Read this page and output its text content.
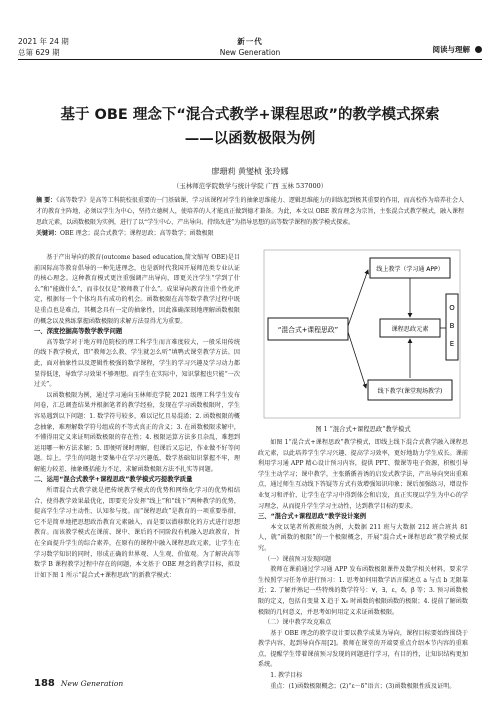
2021 年 24 期
总第 629 期
新一代
New Generation	阅读与理解
基于 OBE 理念下“混合式教学+课程思政”的教学模式探索
——以函数极限为例
廖珊莉 黄燮桢 张玲娜
（玉林师范学院数学与统计学院 广西 玉林 537000）
摘 要：《高等数学》是高等工科院校很重要的一门基础课，学习该课程对学生的抽象思维能力、逻辑思维能力的训练起到极其重要的作用，而高校作为培养社会人才的教育主阵地，必须以学生为中心，坚持立德树人，使培养的人才能真正做到德才兼备。为此，本文以 OBE 教育理念为宗旨，主张混合式教学模式，融入课程思政元素，以函数极限为实例，进行了以“学生中心、产出导向、持续改进”为指导思想的高等数学课程的教学模式探索。
关键词：OBE 理念；混合式教学；课程思政；高等数学；函数极限

基于产出导向的教育(outcome based education,简文缩写 OBE)是目前国际高等教育倡导的一种先进理念，也是新时代我国开展师范类专业认证的核心理念。这种教育模式更注重强调产出导向，即更关注学生“学到了什么”和“能做什么”，而非仅仅是“教师教了什么”。成果导向教育注重个性化评定，根据每一个个体均具有成功的机会。函数极限在高等数学教学过程中既是重点也是难点，其概念具有一定的抽象性，因此准确深刻地理解函数极限的概念以及熟练掌握函数极限的求解方法显得尤为重要。

一、深度挖掘高等数学教学问题

高等数学对于地方师范院校的理工科学生而言难度较大，一般采用传统的线下教学模式，即“教师怎么教、学生就怎么听”填鸭式课堂教学方法。因此，面对抽象性以及逻辑性极强的数学课程，学生的学习兴趣及学习动力都显得低迷，导致学习效果不够理想。而学生在实际中，知识掌握也只能“一次过关”。

以函数极限为例，通过学习通向玉林师范学院 2021 级理工科学生发布问卷，汇总调查结果并根据笔者的教学经验，发现在学习函数极限时，学生容易遇到以下问题：1. 数学符号较多，难以记忆且易混淆；2. 函数极限的概念抽象，难理解数学符号组成的不等式真正的含义；3. 在函数极限求解中，不懂得用定义来证明函数极限的存在性；4. 极限运算方法多且杂乱，难想到运用哪一种方法求解；5. 即便听课时理解，但课后又忘记，作业做不好等问题。综上，学生的问题主要集中在学习兴趣低、数学基础知识掌握不牢，理解能力较差、抽象概括能力不足，求解函数极限方法不扎实等问题。

二、运用“混合式教学+课程思政”教学模式巧提教学质量

所谓混合式教学就是把传统教学模式的优势和网络化学习的优势相结合，使得教学效果最优化，即要充分发挥“线上”和“线下”两种教学的优势，提高学生学习主动性、认知参与度。而“课程思政”是教育的一项重要举措，它不是简单地把思想政治教育元素融入，而是要以潜移默化的方式进行思想教育。而该教学模式在课前、课中、课后的不同阶段有机融入思政教育，旨在全面提升学生的综合素养，在原有的课程中融入课程思政元素，让学生在学习数学知识的同时，形成正确的世界观、人生观、价值观。为了解决高等数学 B 课程教学过程中存在的问题，本文基于 OBE 理念的教学目标，拟设计如下图 1 所示“混合式+课程思政”的新教学模式：

“混合式+课程思政”
线上教学（学习通 APP）
课程思政元素
线下教学(课堂现场教学)
O B E
图 1 “混合式+课程思政”教学模式

如图 1“混合式+课程思政”教学模式，即线上线下混合式教学融入课程思政元素，以此培养学生学习兴趣、提高学习效率，更好地助力学生成长。课前利用学习通 APP 精心设计预习内容，提供 PPT、微课等电子资源，积极引导学生主动学习；课中教学，主张循循善诱的启发式教学法，产出导向突出重难点，通过师生互动线下答疑等方式有效增强知识印象；课后加强练习，增设作业复习和评价，让学生在学习中得到体会和启发，真正实现以学生为中心的学习理念，从而提升学生学习主动性，达到教学目标的要求。

三、“混合式+课程思政”教学设计案例

本文以笔者所教班级为例，大数据 211 班与大数据 212 班合班共 81 人，就“函数的极限”的一个极限概念，开展“混合式+课程思政”教学模式探究。

（一）课前预习发现问题

教师在课前通过学习通 APP 发布函数极限课件及数学相关材料，要求学生按照学习任务单进行预习：1. 思考如何用数学语言描述点 a 与点 b 无限靠近；2. 了解并熟记一些特殊的数学符号：∀，∃，ε，δ，β 等；3. 预习函数极限的定义，包括自变量 X 趋于 X₀ 时函数的极限函数的极限；4. 提前了解函数极限的几何意义，并思考如何用定义求证函数极限。

（二）课中教学攻克难点

基于 OBE 理念的教学设计要以教学成果为导向，课程目标要始终围绕于教学内容，起到导向作用[2]。教师在课堂的开端要重点介绍本节内容的重难点，提醒学生带着课前预习发现的问题进行学习，有目的性，让知识结构更加系统。

1. 教学目标

重点：(1)函数极限概念；(2)“ε－δ”语言；(3)函数极限性质及证明。

188 New Generation
